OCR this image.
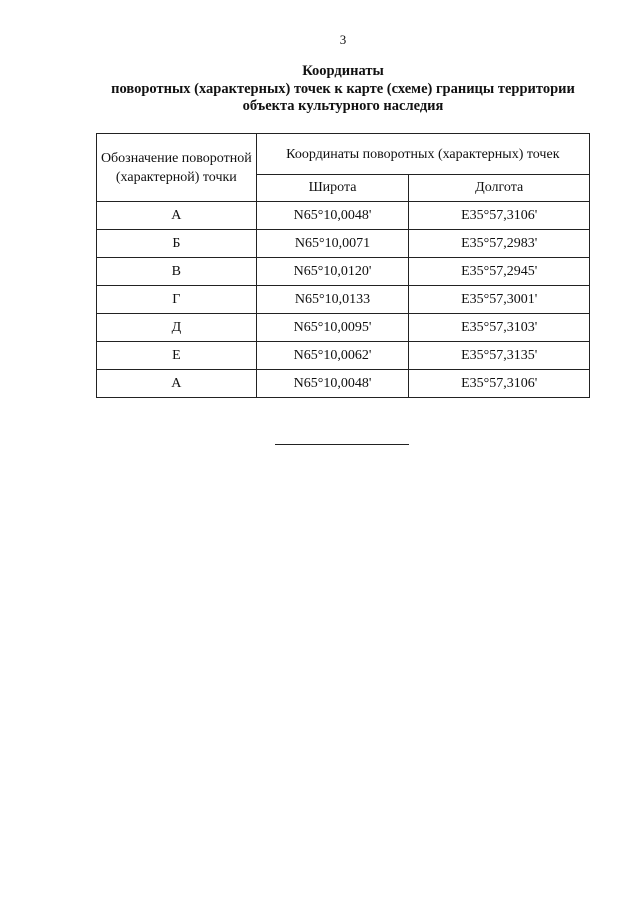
3
Координаты
поворотных (характерных) точек к карте (схеме) границы территории
объекта культурного наследия
Обозначение поворотной (характерной) точки	Координаты поворотных (характерных) точек	
	Широта	Долгота
А	N65°10,0048'	E35°57,3106'
Б	N65°10,0071	E35°57,2983'
В	N65°10,0120'	E35°57,2945'
Г	N65°10,0133	E35°57,3001'
Д	N65°10,0095'	E35°57,3103'
Е	N65°10,0062'	E35°57,3135'
А	N65°10,0048'	E35°57,3106'
